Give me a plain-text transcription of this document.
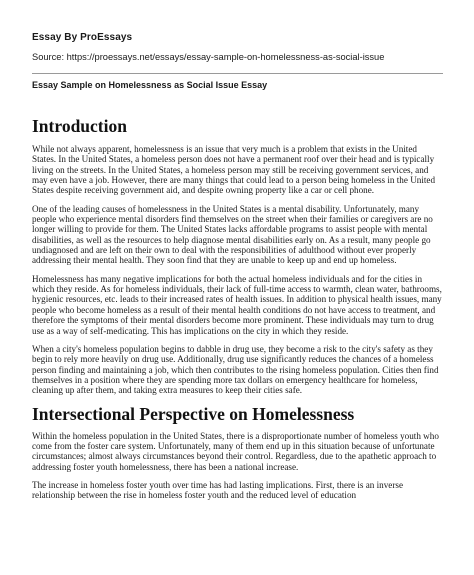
Essay By ProEssays
Source: https://proessays.net/essays/essay-sample-on-homelessness-as-social-issue
Essay Sample on Homelessness as Social Issue Essay
Introduction

While not always apparent, homelessness is an issue that very much is a problem that exists in the United States. In the United States, a homeless person does not have a permanent roof over their head and is typically living on the streets. In the United States, a homeless person may still be receiving government services, and may even have a job. However, there are many things that could lead to a person being homeless in the United States despite receiving government aid, and despite owning property like a car or cell phone.

One of the leading causes of homelessness in the United States is a mental disability. Unfortunately, many people who experience mental disorders find themselves on the street when their families or caregivers are no longer willing to provide for them. The United States lacks affordable programs to assist people with mental disabilities, as well as the resources to help diagnose mental disabilities early on. As a result, many people go undiagnosed and are left on their own to deal with the responsibilities of adulthood without ever properly addressing their mental health. They soon find that they are unable to keep up and end up homeless.

Homelessness has many negative implications for both the actual homeless individuals and for the cities in which they reside. As for homeless individuals, their lack of full-time access to warmth, clean water, bathrooms, hygienic resources, etc. leads to their increased rates of health issues. In addition to physical health issues, many people who become homeless as a result of their mental health conditions do not have access to treatment, and therefore the symptoms of their mental disorders become more prominent. These individuals may turn to drug use as a way of self-medicating. This has implications on the city in which they reside.

When a city's homeless population begins to dabble in drug use, they become a risk to the city's safety as they begin to rely more heavily on drug use. Additionally, drug use significantly reduces the chances of a homeless person finding and maintaining a job, which then contributes to the rising homeless population. Cities then find themselves in a position where they are spending more tax dollars on emergency healthcare for homeless, cleaning up after them, and taking extra measures to keep their cities safe.

Intersectional Perspective on Homelessness

Within the homeless population in the United States, there is a disproportionate number of homeless youth who come from the foster care system. Unfortunately, many of them end up in this situation because of unfortunate circumstances; almost always circumstances beyond their control. Regardless, due to the apathetic approach to addressing foster youth homelessness, there has been a national increase.

The increase in homeless foster youth over time has had lasting implications. First, there is an inverse relationship between the rise in homeless foster youth and the reduced level of education
